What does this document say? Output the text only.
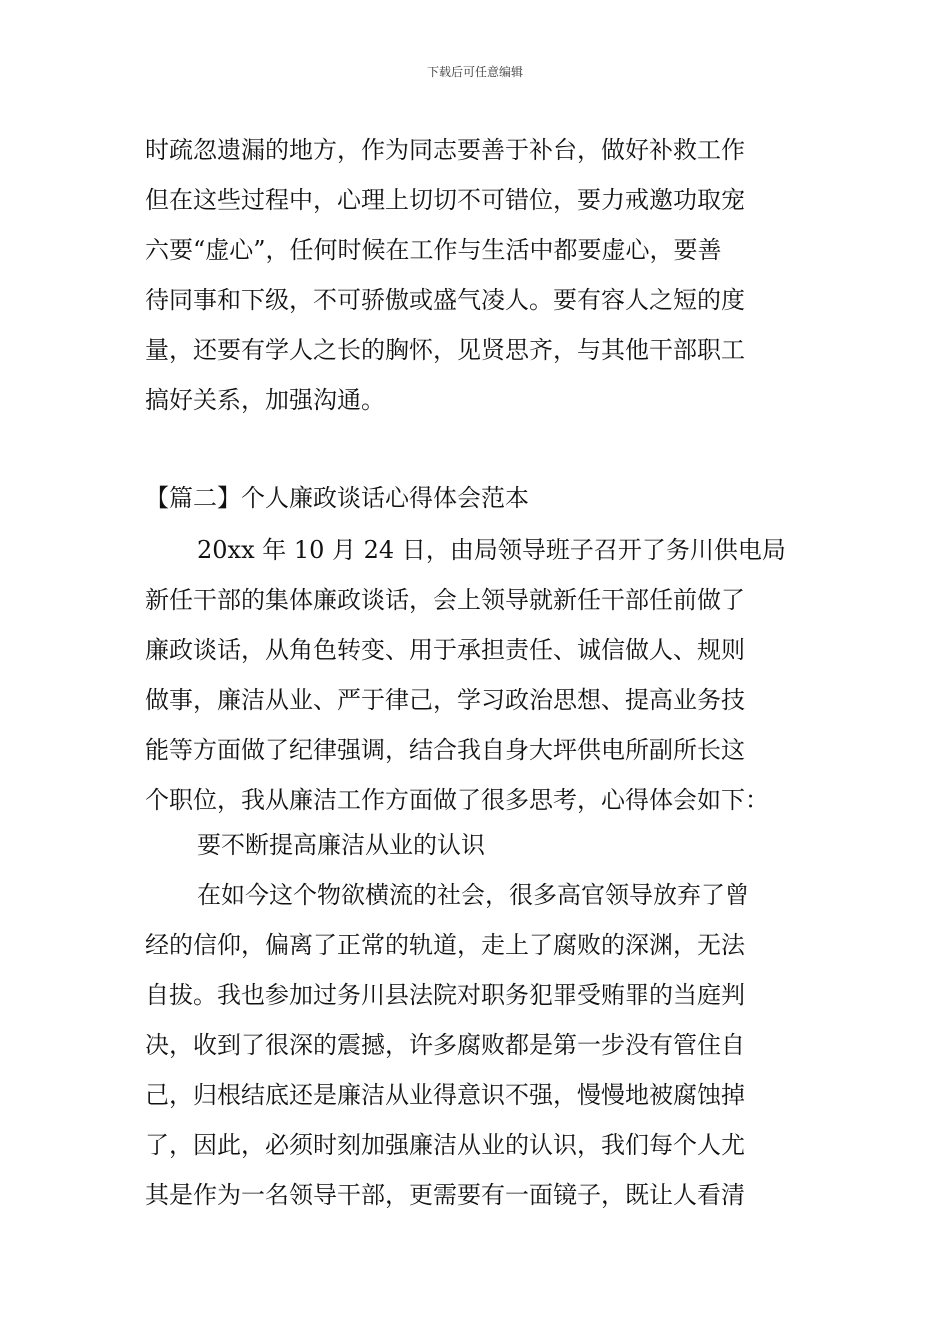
下载后可任意编辑
时疏忽遗漏的地方，作为同志要善于补台，做好补救工作
但在这些过程中，心理上切切不可错位，要力戒邀功取宠
六要“虚心”，任何时候在工作与生活中都要虚心，要善
待同事和下级，不可骄傲或盛气凌人。要有容人之短的度
量，还要有学人之长的胸怀，见贤思齐，与其他干部职工
搞好关系，加强沟通。
【篇二】个人廉政谈话心得体会范本
20xx 年 10 月 24 日，由局领导班子召开了务川供电局
新任干部的集体廉政谈话，会上领导就新任干部任前做了
廉政谈话，从角色转变、用于承担责任、诚信做人、规则
做事，廉洁从业、严于律己，学习政治思想、提高业务技
能等方面做了纪律强调，结合我自身大坪供电所副所长这
个职位，我从廉洁工作方面做了很多思考，心得体会如下：
要不断提高廉洁从业的认识
在如今这个物欲横流的社会，很多高官领导放弃了曾
经的信仰，偏离了正常的轨道，走上了腐败的深渊，无法
自拔。我也参加过务川县法院对职务犯罪受贿罪的当庭判
决，收到了很深的震撼，许多腐败都是第一步没有管住自
己，归根结底还是廉洁从业得意识不强，慢慢地被腐蚀掉
了，因此，必须时刻加强廉洁从业的认识，我们每个人尤
其是作为一名领导干部，更需要有一面镜子，既让人看清
